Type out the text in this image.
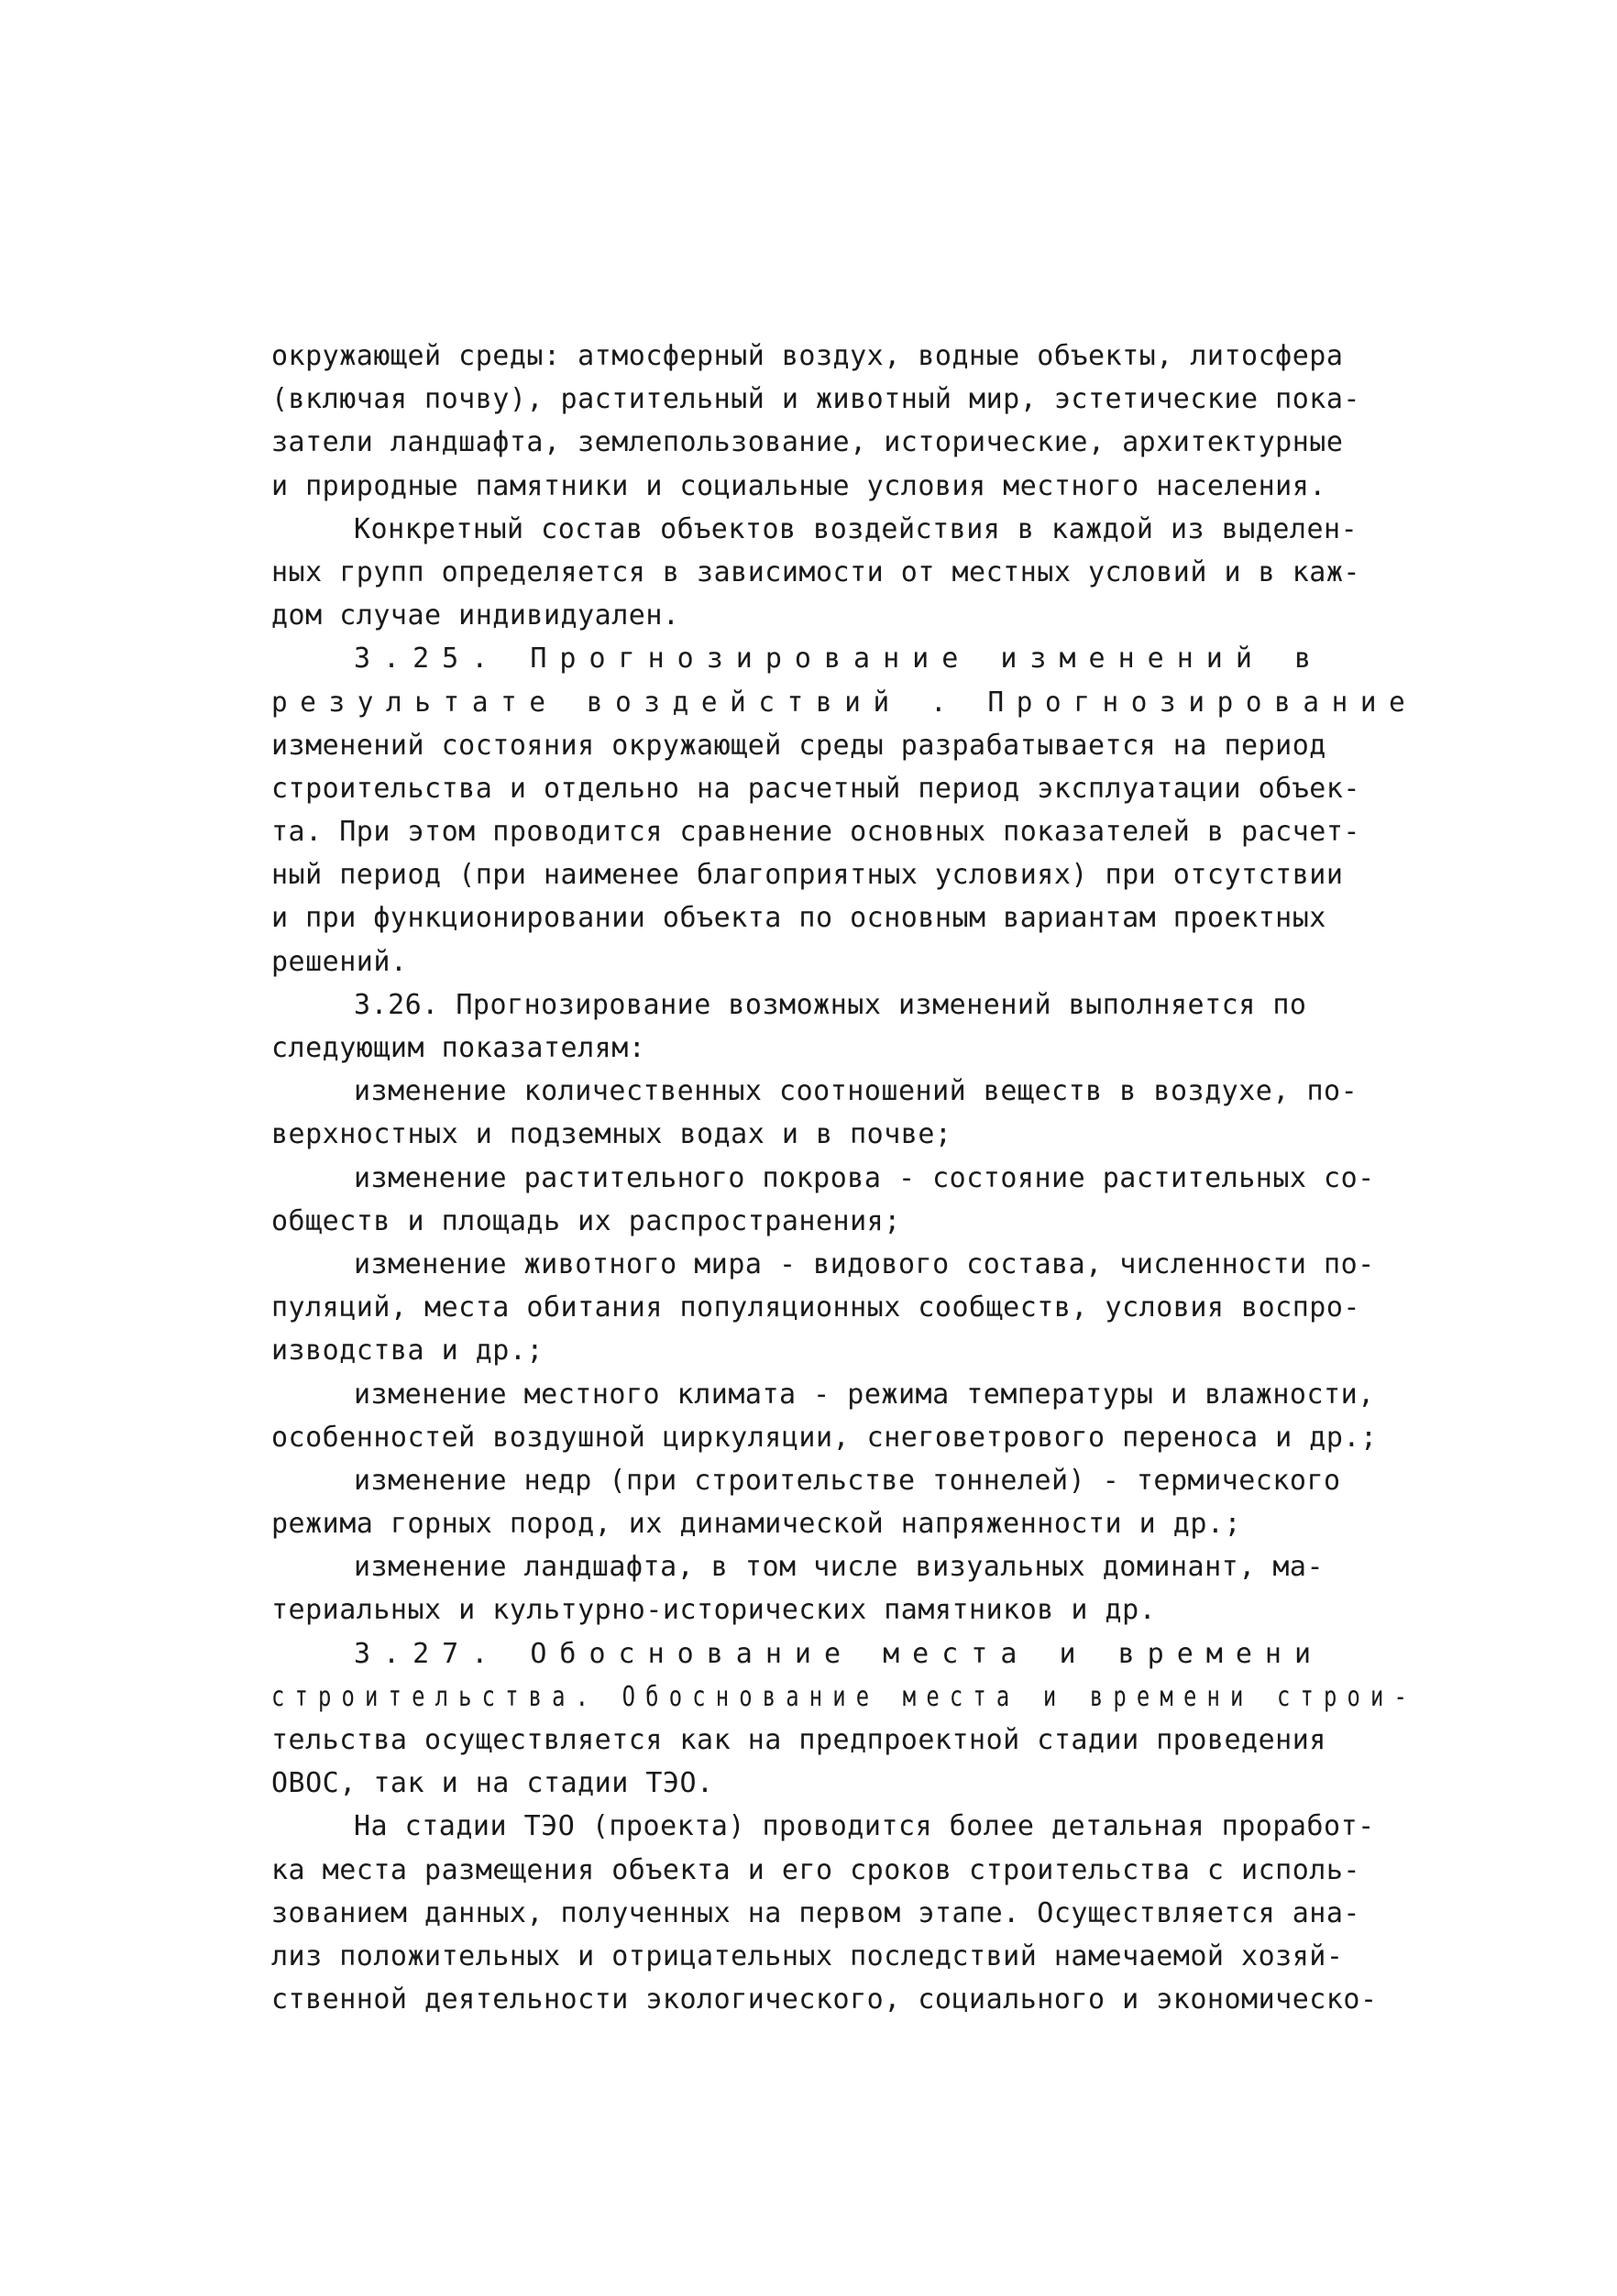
окружающей среды: атмосферный воздух, водные объекты, литосфера
(включая почву), растительный и животный мир, эстетические пока-
затели ландшафта, землепользование, исторические, архитектурные
и природные памятники и социальные условия местного населения.
Конкретный состав объектов воздействия в каждой из выделен-
ных групп определяется в зависимости от местных условий и в каж-
дом случае индивидуален.
3.25. Прогнозирование изменений в
результате воздействий . Прогнозирование
изменений состояния окружающей среды разрабатывается на период
строительства и отдельно на расчетный период эксплуатации объек-
та. При этом проводится сравнение основных показателей в расчет-
ный период (при наименее благоприятных условиях) при отсутствии
и при функционировании объекта по основным вариантам проектных
решений.
3.26. Прогнозирование возможных изменений выполняется по
следующим показателям:
изменение количественных соотношений веществ в воздухе, по-
верхностных и подземных водах и в почве;
изменение растительного покрова - состояние растительных со-
обществ и площадь их распространения;
изменение животного мира - видового состава, численности по-
пуляций, места обитания популяционных сообществ, условия воспро-
изводства и др.;
изменение местного климата - режима температуры и влажности,
особенностей воздушной циркуляции, снеговетрового переноса и др.;
изменение недр (при строительстве тоннелей) - термического
режима горных пород, их динамической напряженности и др.;
изменение ландшафта, в том числе визуальных доминант, ма-
териальных и культурно-исторических памятников и др.
3.27. Обоснование места и времени
строительства. Обоснование места и времени строи-
тельства осуществляется как на предпроектной стадии проведения
ОВОС, так и на стадии ТЭО.
На стадии ТЭО (проекта) проводится более детальная проработ-
ка места размещения объекта и его сроков строительства с исполь-
зованием данных, полученных на первом этапе. Осуществляется ана-
лиз положительных и отрицательных последствий намечаемой хозяй-
ственной деятельности экологического, социального и экономическо-
